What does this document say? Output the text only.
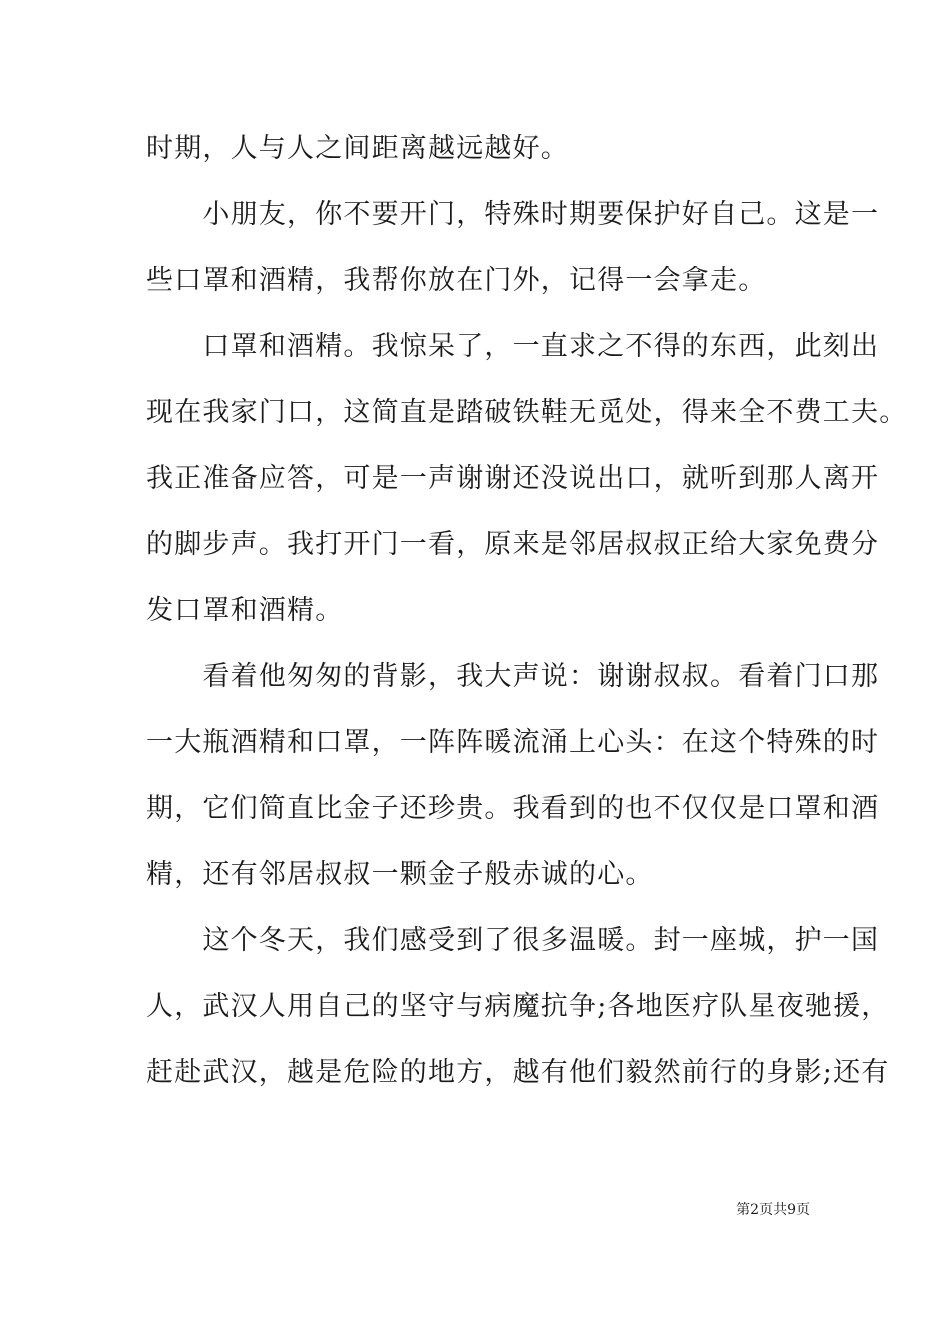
时期，人与人之间距离越远越好。
　　小朋友，你不要开门，特殊时期要保护好自己。这是一
些口罩和酒精，我帮你放在门外，记得一会拿走。
　　口罩和酒精。我惊呆了，一直求之不得的东西，此刻出
现在我家门口，这简直是踏破铁鞋无觅处，得来全不费工夫。
我正准备应答，可是一声谢谢还没说出口，就听到那人离开
的脚步声。我打开门一看，原来是邻居叔叔正给大家免费分
发口罩和酒精。
　　看着他匆匆的背影，我大声说：谢谢叔叔。看着门口那
一大瓶酒精和口罩，一阵阵暖流涌上心头：在这个特殊的时
期，它们简直比金子还珍贵。我看到的也不仅仅是口罩和酒
精，还有邻居叔叔一颗金子般赤诚的心。
　　这个冬天，我们感受到了很多温暖。封一座城，护一国
人，武汉人用自己的坚守与病魔抗争;各地医疗队星夜驰援，
赶赴武汉，越是危险的地方，越有他们毅然前行的身影;还有
第2页共9页
